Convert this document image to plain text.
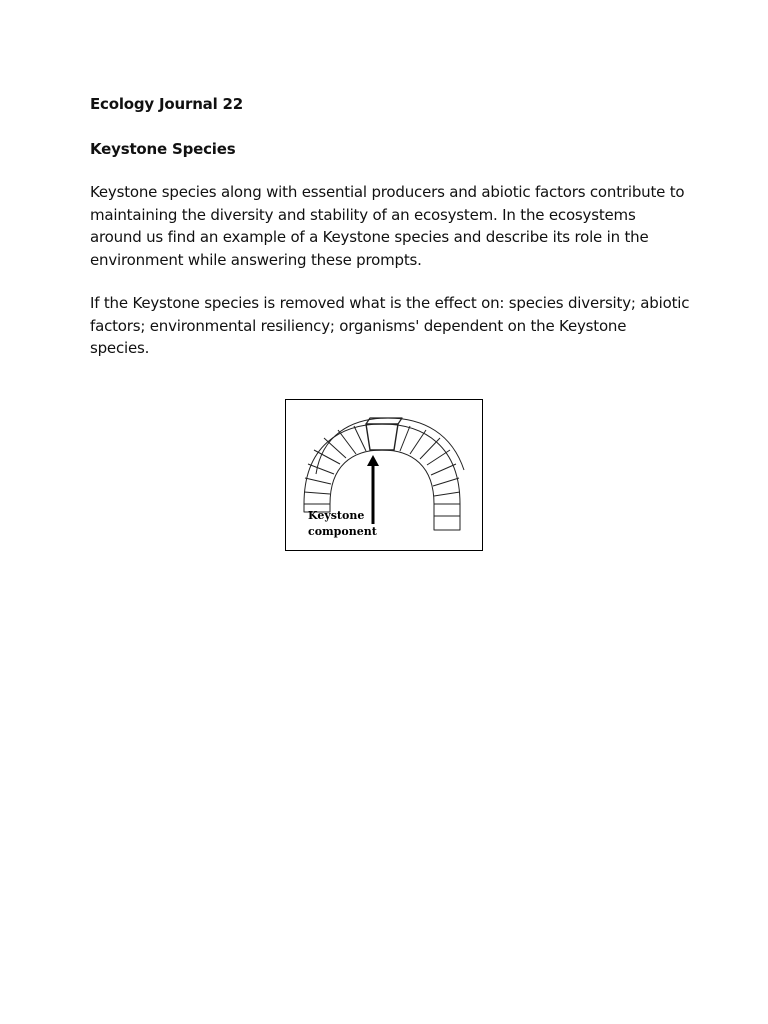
Ecology Journal 22

Keystone Species

Keystone species along with essential producers and abiotic factors contribute to maintaining the diversity and stability of an ecosystem. In the ecosystems around us find an example of a Keystone species and describe its role in the environment while answering these prompts.

If the Keystone species is removed what is the effect on: species diversity; abiotic factors; environmental resiliency; organisms' dependent on the Keystone species.

Keystone

component
